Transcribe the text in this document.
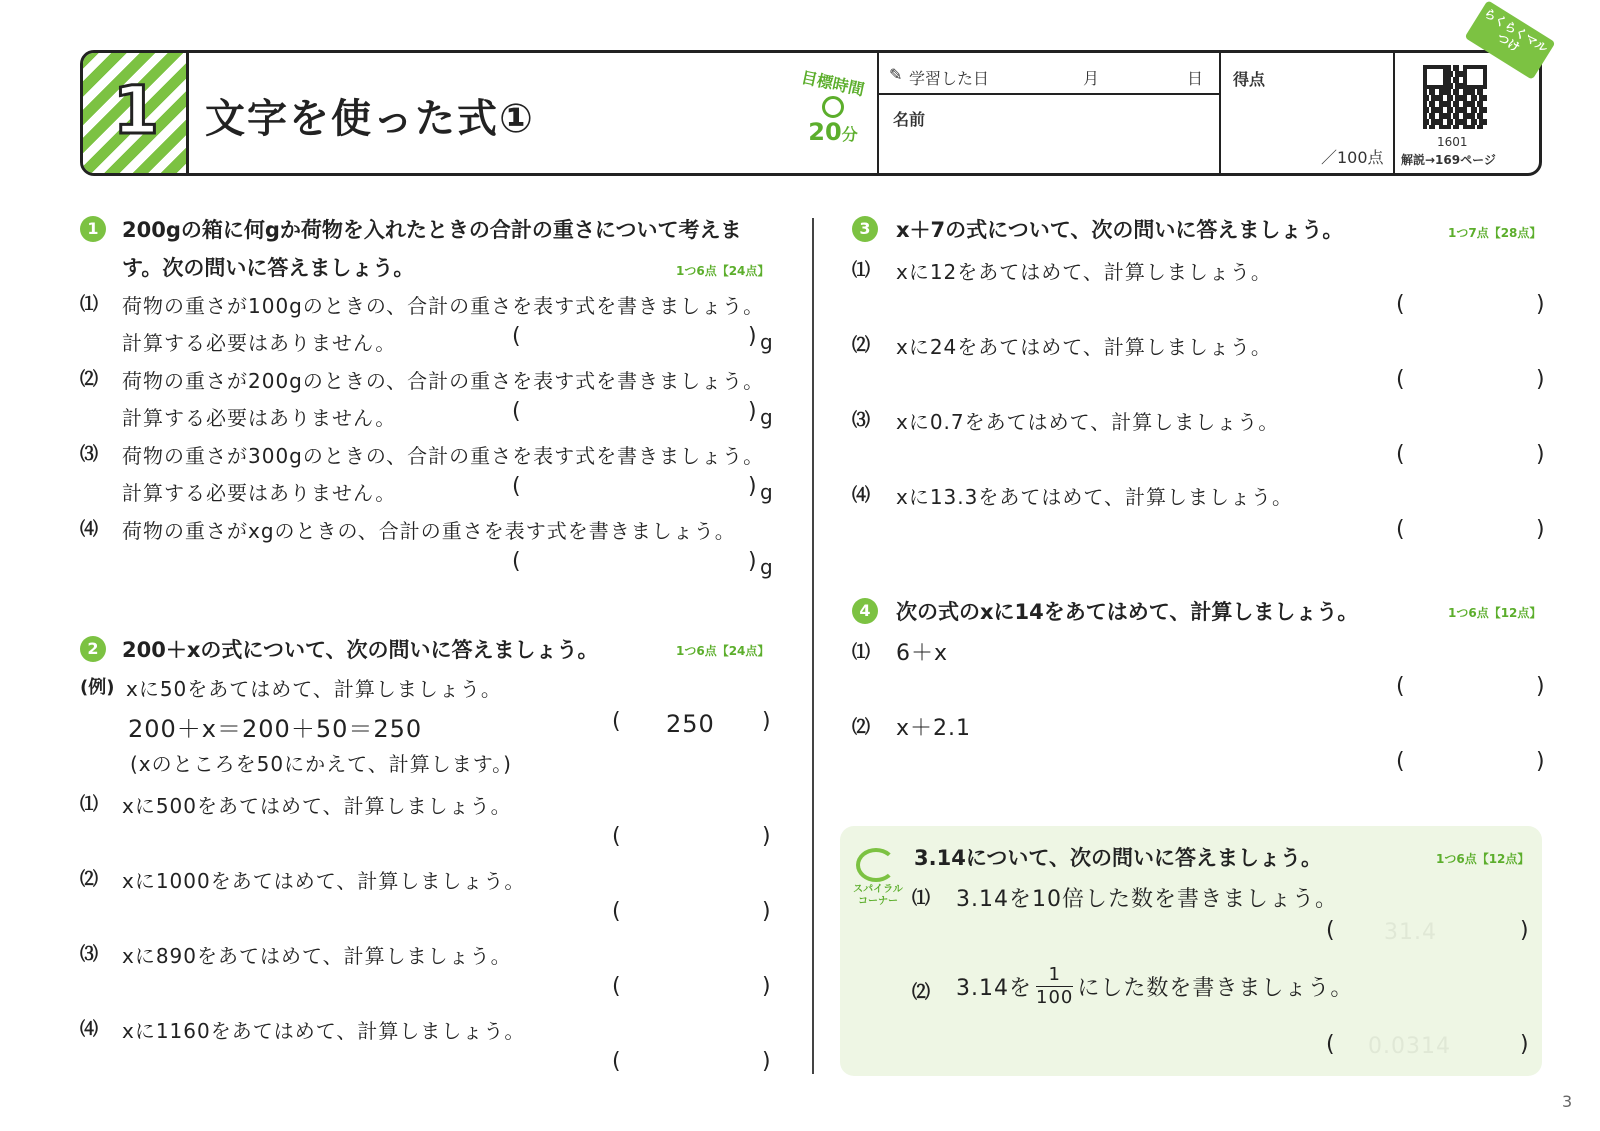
1	文字を使った式①
目標時間
20分
✎ 学習した日	月	日
名前
得点
／100点
1601
解説→169ページ
らくらくマルつけ
1	200gの箱に何gか荷物を入れたときの合計の重さについて考えま
す。次の問いに答えましょう。	1つ6点【24点】
⑴ 荷物の重さが100gのときの、合計の重さを表す式を書きましょう。
計算する必要はありません。	(	) g
⑵ 荷物の重さが200gのときの、合計の重さを表す式を書きましょう。
計算する必要はありません。	(	) g
⑶ 荷物の重さが300gのときの、合計の重さを表す式を書きましょう。
計算する必要はありません。	(	) g
⑷ 荷物の重さがxgのときの、合計の重さを表す式を書きましょう。
(	) g
2	200＋xの式について、次の問いに答えましょう。	1つ6点【24点】
(例) xに50をあてはめて、計算しましょう。
200＋x＝200＋50＝250	( 250 )
(xのところを50にかえて、計算します。)
⑴ xに500をあてはめて、計算しましょう。
(	)
⑵ xに1000をあてはめて、計算しましょう。
(	)
⑶ xに890をあてはめて、計算しましょう。
(	)
⑷ xに1160をあてはめて、計算しましょう。
(	)
3	x＋7の式について、次の問いに答えましょう。	1つ7点【28点】
⑴ xに12をあてはめて、計算しましょう。
(	)
⑵ xに24をあてはめて、計算しましょう。
(	)
⑶ xに0.7をあてはめて、計算しましょう。
(	)
⑷ xに13.3をあてはめて、計算しましょう。
(	)
4	次の式のxに14をあてはめて、計算しましょう。	1つ6点【12点】
⑴ 6＋x
(	)
⑵ x＋2.1
(	)
スパイラルコーナー
3.14について、次の問いに答えましょう。	1つ6点【12点】
⑴ 3.14を10倍した数を書きましょう。
( 31.4	)
⑵ 3.14を $\frac{1}{100}$ にした数を書きましょう。
( 0.0314	)
3
